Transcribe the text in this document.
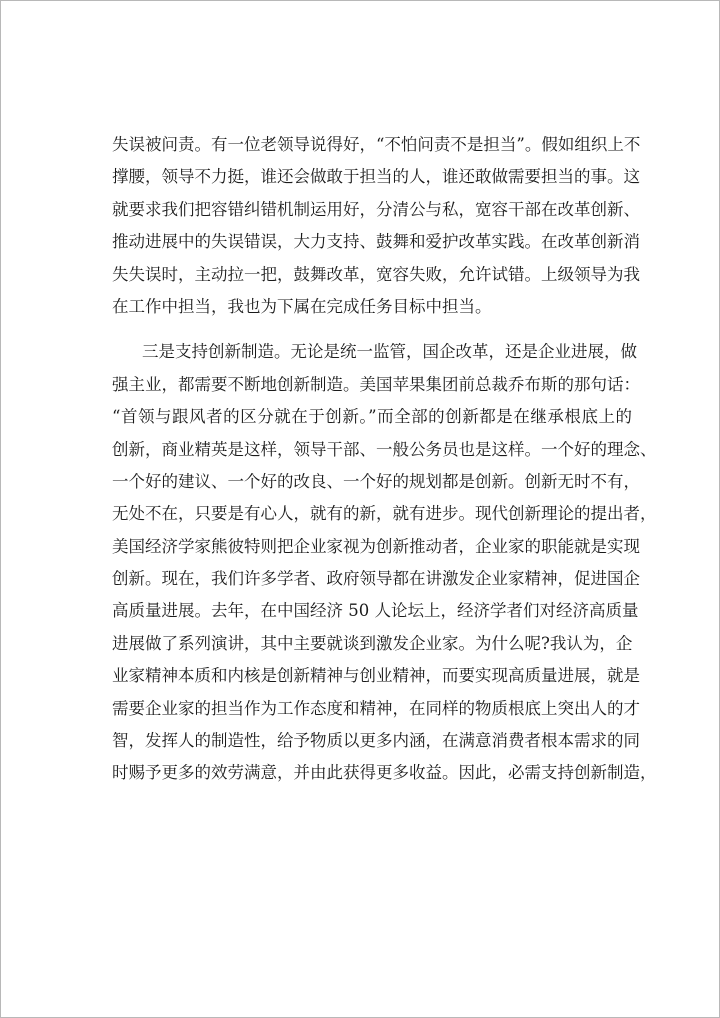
失误被问责。有一位老领导说得好，“不怕问责不是担当”。假如组织上不
撑腰，领导不力挺，谁还会做敢于担当的人，谁还敢做需要担当的事。这
就要求我们把容错纠错机制运用好，分清公与私，宽容干部在改革创新、
推动进展中的失误错误，大力支持、鼓舞和爱护改革实践。在改革创新消
失失误时，主动拉一把，鼓舞改革，宽容失败，允许试错。上级领导为我
在工作中担当，我也为下属在完成任务目标中担当。
三是支持创新制造。无论是统一监管，国企改革，还是企业进展，做
强主业，都需要不断地创新制造。美国苹果集团前总裁乔布斯的那句话：
“首领与跟风者的区分就在于创新。”而全部的创新都是在继承根底上的
创新，商业精英是这样，领导干部、一般公务员也是这样。一个好的理念、
一个好的建议、一个好的改良、一个好的规划都是创新。创新无时不有，
无处不在，只要是有心人，就有的新，就有进步。现代创新理论的提出者，
美国经济学家熊彼特则把企业家视为创新推动者，企业家的职能就是实现
创新。现在，我们许多学者、政府领导都在讲激发企业家精神，促进国企
高质量进展。去年，在中国经济 50 人论坛上，经济学者们对经济高质量
进展做了系列演讲，其中主要就谈到激发企业家。为什么呢?我认为，企
业家精神本质和内核是创新精神与创业精神，而要实现高质量进展，就是
需要企业家的担当作为工作态度和精神，在同样的物质根底上突出人的才
智，发挥人的制造性，给予物质以更多内涵，在满意消费者根本需求的同
时赐予更多的效劳满意，并由此获得更多收益。因此，必需支持创新制造，
